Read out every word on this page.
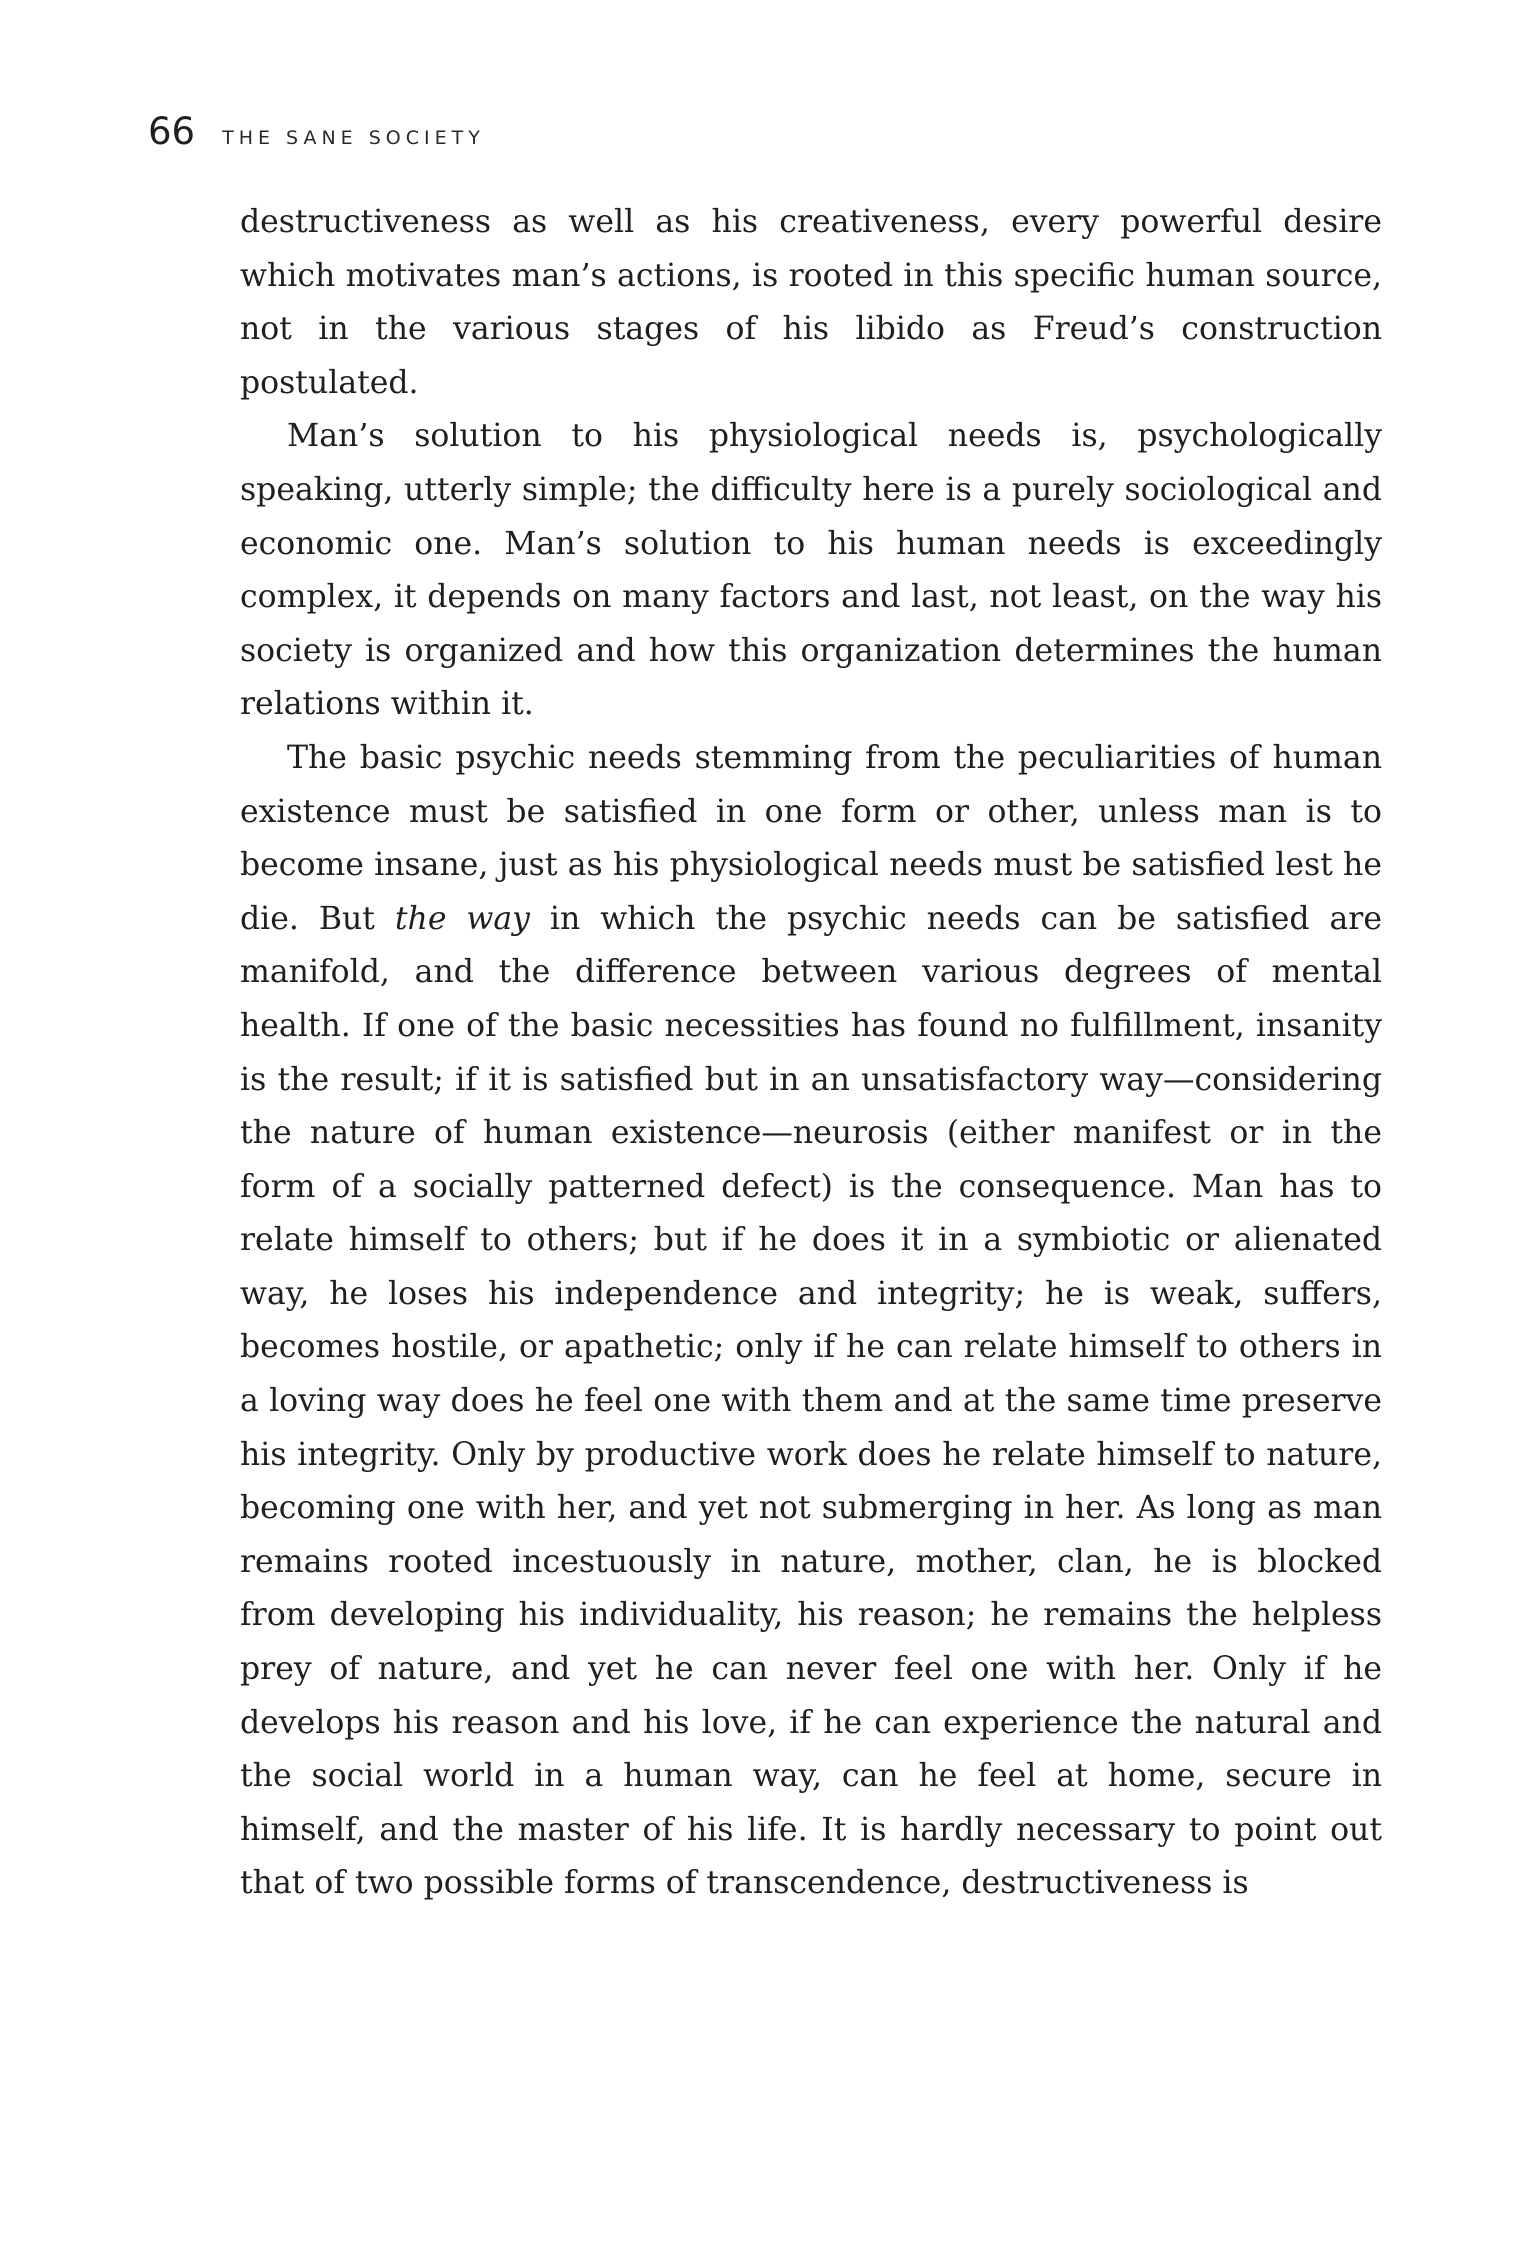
66 THE SANE SOCIETY

destructiveness as well as his creativeness, every powerful desire which motivates man’s actions, is rooted in this specific human source, not in the various stages of his libido as Freud’s construction postulated.

Man’s solution to his physiological needs is, psychologically speaking, utterly simple; the difficulty here is a purely sociological and economic one. Man’s solution to his human needs is exceedingly complex, it depends on many factors and last, not least, on the way his society is organized and how this organization determines the human relations within it.

The basic psychic needs stemming from the peculiarities of human existence must be satisfied in one form or other, unless man is to become insane, just as his physiological needs must be satisfied lest he die. But the way in which the psychic needs can be satisfied are manifold, and the difference between various degrees of mental health. If one of the basic necessities has found no fulfillment, insanity is the result; if it is satisfied but in an unsatisfactory way—considering the nature of human existence—neurosis (either manifest or in the form of a socially patterned defect) is the consequence. Man has to relate himself to others; but if he does it in a symbiotic or alienated way, he loses his independence and integrity; he is weak, suffers, becomes hostile, or apathetic; only if he can relate himself to others in a loving way does he feel one with them and at the same time preserve his integrity. Only by productive work does he relate himself to nature, becoming one with her, and yet not submerging in her. As long as man remains rooted incestuously in nature, mother, clan, he is blocked from developing his individuality, his reason; he remains the helpless prey of nature, and yet he can never feel one with her. Only if he develops his reason and his love, if he can experience the natural and the social world in a human way, can he feel at home, secure in himself, and the master of his life. It is hardly necessary to point out that of two possible forms of transcendence, destructiveness is
